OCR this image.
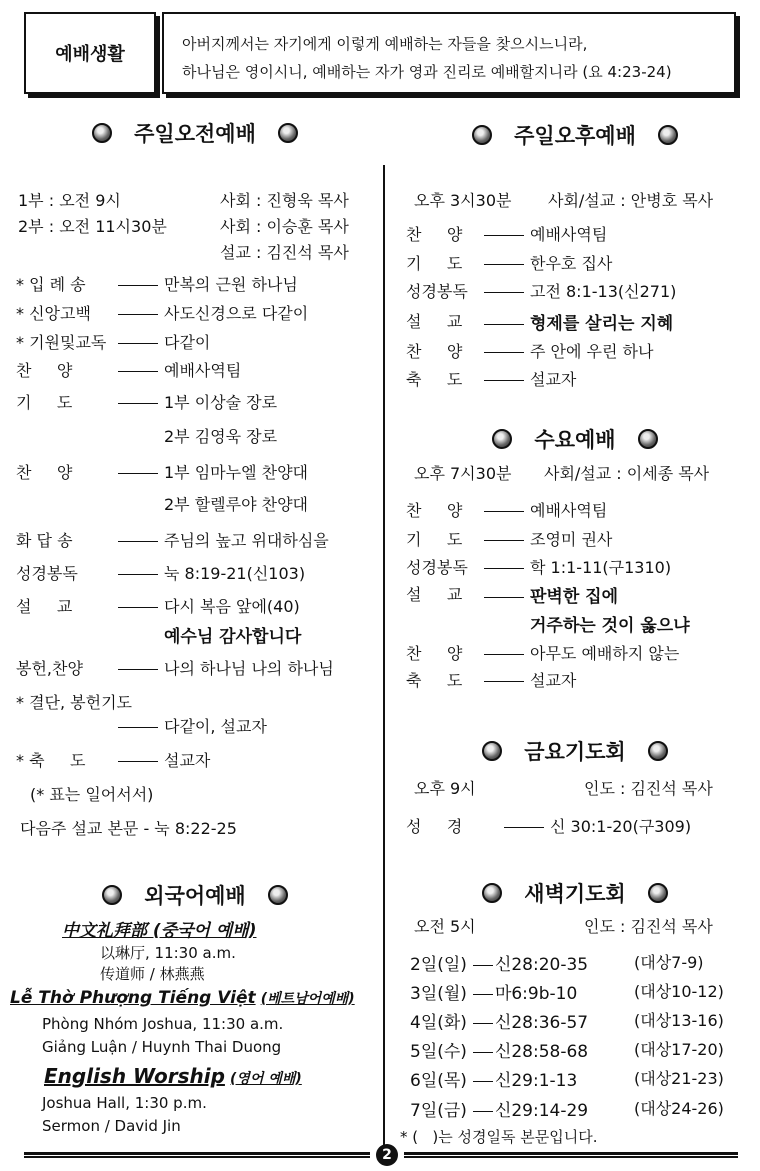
예배생활	아버지께서는 자기에게 이렇게 예배하는 자들을 찾으시느니라,
하나님은 영이시니, 예배하는 자가 영과 진리로 예배할지니라 (요 4:23-24)
주일오전예배
1부 : 오전 9시	사회 : 진형욱 목사
2부 : 오전 11시30분	사회 : 이승훈 목사
설교 : 김진석 목사
* 입 례 송	만복의 근원 하나님
* 신앙고백	사도신경으로 다같이
* 기원및교독	다같이
찬     양	예배사역팀
기     도	1부 이상술 장로
2부 김영욱 장로
찬     양	1부 임마누엘 찬양대
2부 할렐루야 찬양대
화 답 송	주님의 높고 위대하심을
성경봉독	눅 8:19-21(신103)
설     교	다시 복음 앞에(40)
예수님 감사합니다
봉헌,찬양	나의 하나님 나의 하나님
* 결단, 봉헌기도
다같이, 설교자
* 축     도	설교자
(* 표는 일어서서)
다음주 설교 본문 - 눅 8:22-25
외국어예배
中文礼拜部 (중국어 예배)
以琳厅, 11:30 a.m.
传道师 / 林燕燕
Lễ Thờ Phượng Tiếng Việt (베트남어예배)
Phòng Nhóm Joshua, 11:30 a.m.
Giảng Luận / Huynh Thai Duong
English Worship (영어 예배)
Joshua Hall, 1:30 p.m.
Sermon / David Jin
주일오후예배
오후 3시30분 사회/설교 : 안병호 목사
찬     양	예배사역팀
기     도	한우호 집사
성경봉독	고전 8:1-13(신271)
설     교	형제를 살리는 지혜
찬     양	주 안에 우린 하나
축     도	설교자
수요예배
오후 7시30분 사회/설교 : 이세종 목사
찬     양	예배사역팀
기     도	조영미 권사
성경봉독	학 1:1-11(구1310)
설     교	판벽한 집에
거주하는 것이 옳으냐
찬     양	아무도 예배하지 않는
축     도	설교자
금요기도회
오후 9시	인도 : 김진석 목사
성     경	신 30:1-20(구309)
새벽기도회
오전 5시	인도 : 김진석 목사
2일(일) 신28:20-35	(대상7-9)
3일(월) 마6:9b-10	(대상10-12)
4일(화) 신28:36-57	(대상13-16)
5일(수) 신28:58-68	(대상17-20)
6일(목) 신29:1-13	(대상21-23)
7일(금) 신29:14-29	(대상24-26)
* (   )는 성경일독 본문입니다.
2
